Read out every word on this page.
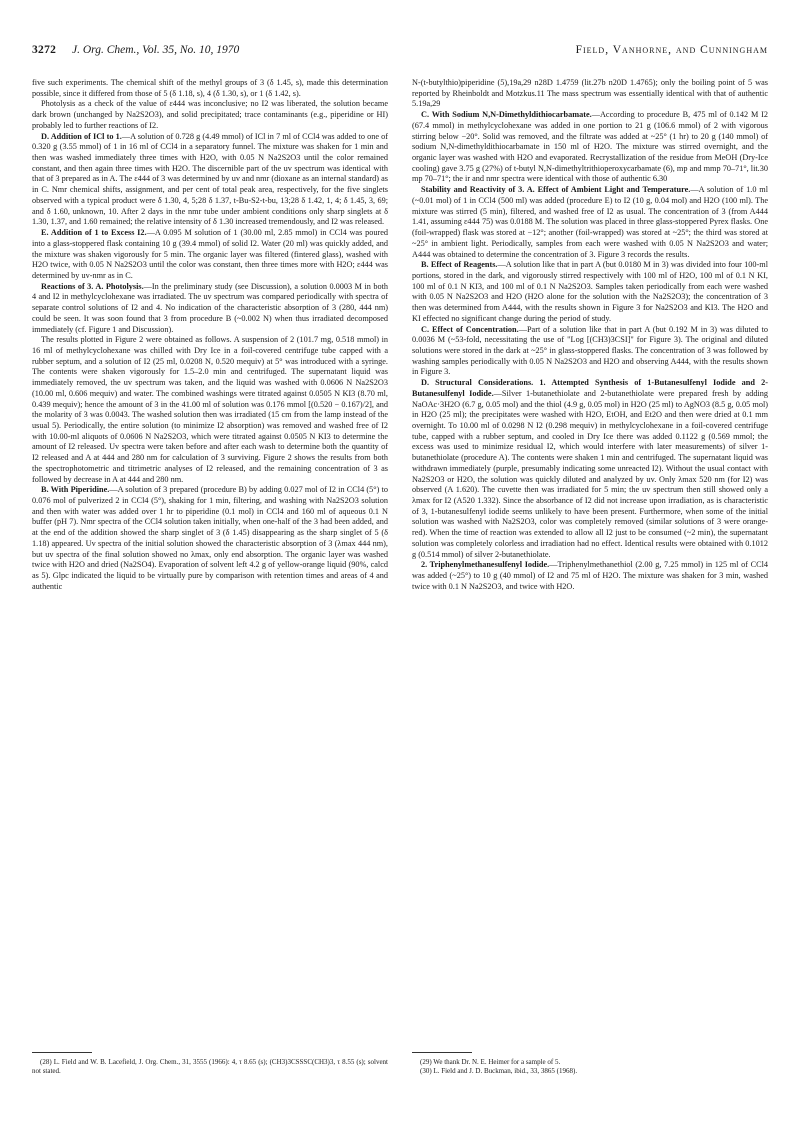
3272 J. Org. Chem., Vol. 35, No. 10, 1970	Field, Vanhorne, and Cunningham

five such experiments. The chemical shift of the methyl groups of 3 (δ 1.45, s), made this determination possible, since it differed from those of 5 (δ 1.18, s), 4 (δ 1.30, s), or 1 (δ 1.42, s).

Photolysis as a check of the value of ε444 was inconclusive; no I2 was liberated, the solution became dark brown (unchanged by Na2S2O3), and solid precipitated; trace contaminants (e.g., piperidine or HI) probably led to further reactions of I2.

D. Addition of ICl to 1.—A solution of 0.728 g (4.49 mmol) of ICl in 7 ml of CCl4 was added to one of 0.320 g (3.55 mmol) of 1 in 16 ml of CCl4 in a separatory funnel. The mixture was shaken for 1 min and then was washed immediately three times with H2O, with 0.05 N Na2S2O3 until the color remained constant, and then again three times with H2O. The discernible part of the uv spectrum was identical with that of 3 prepared as in A. The ε444 of 3 was determined by uv and nmr (dioxane as an internal standard) as in C. Nmr chemical shifts, assignment, and per cent of total peak area, respectively, for the five singlets observed with a typical product were δ 1.30, 4, 5;28 δ 1.37, t-Bu-S2-t-bu, 13;28 δ 1.42, 1, 4; δ 1.45, 3, 69; and δ 1.60, unknown, 10. After 2 days in the nmr tube under ambient conditions only sharp singlets at δ 1.30, 1.37, and 1.60 remained; the relative intensity of δ 1.30 increased tremendously, and I2 was released.

E. Addition of 1 to Excess I2.—A 0.095 M solution of 1 (30.00 ml, 2.85 mmol) in CCl4 was poured into a glass-stoppered flask containing 10 g (39.4 mmol) of solid I2. Water (20 ml) was quickly added, and the mixture was shaken vigorously for 5 min. The organic layer was filtered (fintered glass), washed with H2O twice, with 0.05 N Na2S2O3 until the color was constant, then three times more with H2O; ε444 was determined by uv-nmr as in C.

Reactions of 3. A. Photolysis.—In the preliminary study (see Discussion), a solution 0.0003 M in both 4 and I2 in methylcyclohexane was irradiated. The uv spectrum was compared periodically with spectra of separate control solutions of I2 and 4. No indication of the characteristic absorption of 3 (280, 444 nm) could be seen. It was soon found that 3 from procedure B (~0.002 N) when thus irradiated decomposed immediately (cf. Figure 1 and Discussion).

The results plotted in Figure 2 were obtained as follows. A suspension of 2 (101.7 mg, 0.518 mmol) in 16 ml of methylcyclohexane was chilled with Dry Ice in a foil-covered centrifuge tube capped with a rubber septum, and a solution of I2 (25 ml, 0.0208 N, 0.520 mequiv) at 5° was introduced with a syringe. The contents were shaken vigorously for 1.5–2.0 min and centrifuged. The supernatant liquid was immediately removed, the uv spectrum was taken, and the liquid was washed with 0.0606 N Na2S2O3 (10.00 ml, 0.606 mequiv) and water. The combined washings were titrated against 0.0505 N KI3 (8.70 ml, 0.439 mequiv); hence the amount of 3 in the 41.00 ml of solution was 0.176 mmol [(0.520 − 0.167)/2], and the molarity of 3 was 0.0043. The washed solution then was irradiated (15 cm from the lamp instead of the usual 5). Periodically, the entire solution (to minimize I2 absorption) was removed and washed free of I2 with 10.00-ml aliquots of 0.0606 N Na2S2O3, which were titrated against 0.0505 N KI3 to determine the amount of I2 released. Uv spectra were taken before and after each wash to determine both the quantity of I2 released and A at 444 and 280 nm for calculation of 3 surviving. Figure 2 shows the results from both the spectrophotometric and titrimetric analyses of I2 released, and the remaining concentration of 3 as followed by decrease in A at 444 and 280 nm.

B. With Piperidine.—A solution of 3 prepared (procedure B) by adding 0.027 mol of I2 in CCl4 (5°) to 0.076 mol of pulverized 2 in CCl4 (5°), shaking for 1 min, filtering, and washing with Na2S2O3 solution and then with water was added over 1 hr to piperidine (0.1 mol) in CCl4 and 160 ml of aqueous 0.1 N buffer (pH 7). Nmr spectra of the CCl4 solution taken initially, when one-half of the 3 had been added, and at the end of the addition showed the sharp singlet of 3 (δ 1.45) disappearing as the sharp singlet of 5 (δ 1.18) appeared. Uv spectra of the initial solution showed the characteristic absorption of 3 (λmax 444 nm), but uv spectra of the final solution showed no λmax, only end absorption. The organic layer was washed twice with H2O and dried (Na2SO4). Evaporation of solvent left 4.2 g of yellow-orange liquid (90%, calcd as 5). Glpc indicated the liquid to be virtually pure by comparison with retention times and areas of 4 and authentic

N-(t-butylthio)piperidine (5),19a,29 n28D 1.4759 (lit.27b n20D 1.4765); only the boiling point of 5 was reported by Rheinboldt and Motzkus.11 The mass spectrum was essentially identical with that of authentic 5.19a,29

C. With Sodium N,N-Dimethyldithiocarbamate.—According to procedure B, 475 ml of 0.142 M I2 (67.4 mmol) in methylcyclohexane was added in one portion to 21 g (106.6 mmol) of 2 with vigorous stirring below −20°. Solid was removed, and the filtrate was added at ~25° (1 hr) to 20 g (140 mmol) of sodium N,N-dimethyldithiocarbamate in 150 ml of H2O. The mixture was stirred overnight, and the organic layer was washed with H2O and evaporated. Recrystallization of the residue from MeOH (Dry-Ice cooling) gave 3.75 g (27%) of t-butyl N,N-dimethyltrithioperoxycarbamate (6), mp and mmp 70–71°, lit.30 mp 70–71°; the ir and nmr spectra were identical with those of authentic 6.30

Stability and Reactivity of 3. A. Effect of Ambient Light and Temperature.—A solution of 1.0 ml (~0.01 mol) of 1 in CCl4 (500 ml) was added (procedure E) to I2 (10 g, 0.04 mol) and H2O (100 ml). The mixture was stirred (5 min), filtered, and washed free of I2 as usual. The concentration of 3 (from A444 1.41, assuming ε444 75) was 0.0188 M. The solution was placed in three glass-stoppered Pyrex flasks. One (foil-wrapped) flask was stored at −12°; another (foil-wrapped) was stored at ~25°; the third was stored at ~25° in ambient light. Periodically, samples from each were washed with 0.05 N Na2S2O3 and water; A444 was obtained to determine the concentration of 3. Figure 3 records the results.

B. Effect of Reagents.—A solution like that in part A (but 0.0180 M in 3) was divided into four 100-ml portions, stored in the dark, and vigorously stirred respectively with 100 ml of H2O, 100 ml of 0.1 N KI, 100 ml of 0.1 N KI3, and 100 ml of 0.1 N Na2S2O3. Samples taken periodically from each were washed with 0.05 N Na2S2O3 and H2O (H2O alone for the solution with the Na2S2O3); the concentration of 3 then was determined from A444, with the results shown in Figure 3 for Na2S2O3 and KI3. The H2O and KI effected no significant change during the period of study.

C. Effect of Concentration.—Part of a solution like that in part A (but 0.192 M in 3) was diluted to 0.0036 M (~53-fold, necessitating the use of "Log [(CH3)3CSI]" for Figure 3). The original and diluted solutions were stored in the dark at ~25° in glass-stoppered flasks. The concentration of 3 was followed by washing samples periodically with 0.05 N Na2S2O3 and H2O and observing A444, with the results shown in Figure 3.

D. Structural Considerations. 1. Attempted Synthesis of 1-Butanesulfenyl Iodide and 2-Butanesulfenyl Iodide.—Silver 1-butanethiolate and 2-butanethiolate were prepared fresh by adding NaOAc·3H2O (6.7 g, 0.05 mol) and the thiol (4.9 g, 0.05 mol) in H2O (25 ml) to AgNO3 (8.5 g, 0.05 mol) in H2O (25 ml); the precipitates were washed with H2O, EtOH, and Et2O and then were dried at 0.1 mm overnight. To 10.00 ml of 0.0298 N I2 (0.298 mequiv) in methylcyclohexane in a foil-covered centrifuge tube, capped with a rubber septum, and cooled in Dry Ice there was added 0.1122 g (0.569 mmol; the excess was used to minimize residual I2, which would interfere with later measurements) of silver 1-butanethiolate (procedure A). The contents were shaken 1 min and centrifuged. The supernatant liquid was withdrawn immediately (purple, presumably indicating some unreacted I2). Without the usual contact with Na2S2O3 or H2O, the solution was quickly diluted and analyzed by uv. Only λmax 520 nm (for I2) was observed (A 1.620). The cuvette then was irradiated for 5 min; the uv spectrum then still showed only a λmax for I2 (A520 1.332). Since the absorbance of I2 did not increase upon irradiation, as is characteristic of 3, 1-butanesulfenyl iodide seems unlikely to have been present. Furthermore, when some of the initial solution was washed with Na2S2O3, color was completely removed (similar solutions of 3 were orange-red). When the time of reaction was extended to allow all I2 just to be consumed (~2 min), the supernatant solution was completely colorless and irradiation had no effect. Identical results were obtained with 0.1012 g (0.514 mmol) of silver 2-butanethiolate.

2. Triphenylmethanesulfenyl Iodide.—Triphenylmethanethiol (2.00 g, 7.25 mmol) in 125 ml of CCl4 was added (~25°) to 10 g (40 mmol) of I2 and 75 ml of H2O. The mixture was shaken for 3 min, washed twice with 0.1 N Na2S2O3, and twice with H2O.

(28) L. Field and W. B. Lacefield, J. Org. Chem., 31, 3555 (1966): 4, τ 8.65 (s); (CH3)3CSSSC(CH3)3, τ 8.55 (s); solvent not stated.

(29) We thank Dr. N. E. Heimer for a sample of 5.

(30) L. Field and J. D. Buckman, ibid., 33, 3865 (1968).
